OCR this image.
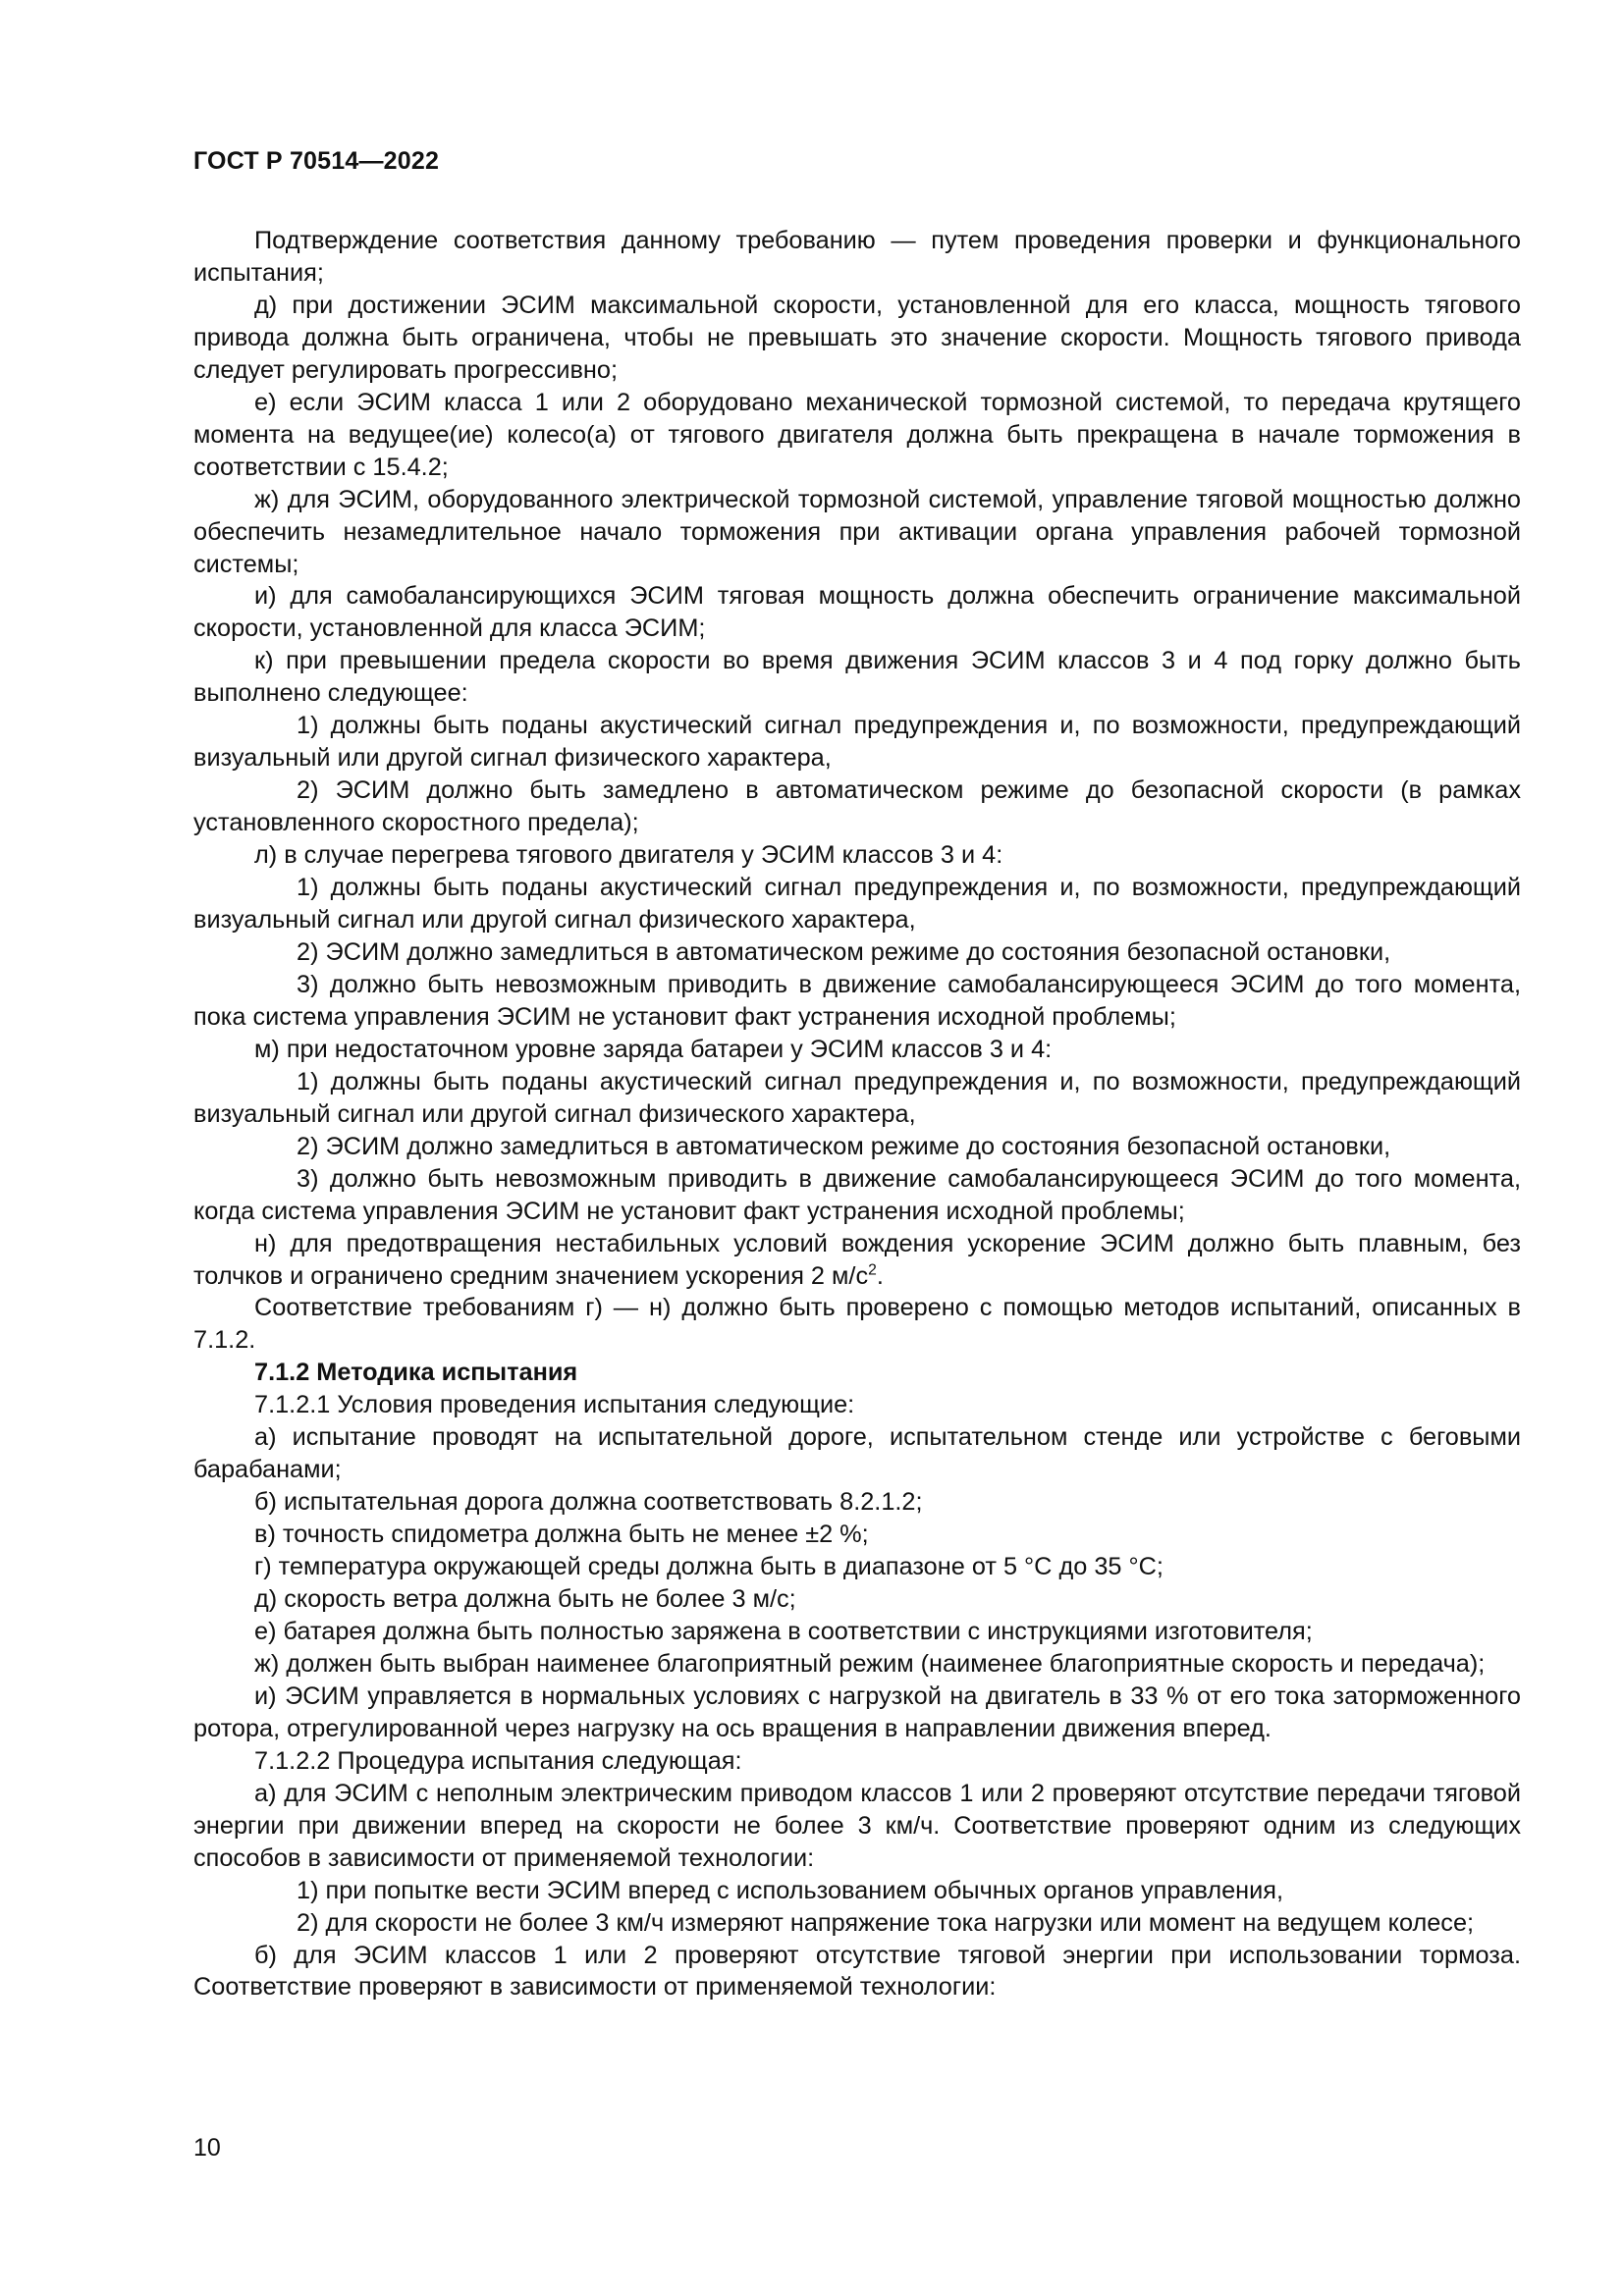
ГОСТ Р 70514—2022

Подтверждение соответствия данному требованию — путем проведения проверки и функционального испытания;

д) при достижении ЭСИМ максимальной скорости, установленной для его класса, мощность тягового привода должна быть ограничена, чтобы не превышать это значение скорости. Мощность тягового привода следует регулировать прогрессивно;

е) если ЭСИМ класса 1 или 2 оборудовано механической тормозной системой, то передача крутящего момента на ведущее(ие) колесо(а) от тягового двигателя должна быть прекращена в начале торможения в соответствии с 15.4.2;

ж) для ЭСИМ, оборудованного электрической тормозной системой, управление тяговой мощностью должно обеспечить незамедлительное начало торможения при активации органа управления рабочей тормозной системы;

и) для самобалансирующихся ЭСИМ тяговая мощность должна обеспечить ограничение максимальной скорости, установленной для класса ЭСИМ;

к) при превышении предела скорости во время движения ЭСИМ классов 3 и 4 под горку должно быть выполнено следующее:

1) должны быть поданы акустический сигнал предупреждения и, по возможности, предупреждающий визуальный или другой сигнал физического характера,

2) ЭСИМ должно быть замедлено в автоматическом режиме до безопасной скорости (в рамках установленного скоростного предела);

л) в случае перегрева тягового двигателя у ЭСИМ классов 3 и 4:

1) должны быть поданы акустический сигнал предупреждения и, по возможности, предупреждающий визуальный сигнал или другой сигнал физического характера,

2) ЭСИМ должно замедлиться в автоматическом режиме до состояния безопасной остановки,

3) должно быть невозможным приводить в движение самобалансирующееся ЭСИМ до того момента, пока система управления ЭСИМ не установит факт устранения исходной проблемы;

м) при недостаточном уровне заряда батареи у ЭСИМ классов 3 и 4:

1) должны быть поданы акустический сигнал предупреждения и, по возможности, предупреждающий визуальный сигнал или другой сигнал физического характера,

2) ЭСИМ должно замедлиться в автоматическом режиме до состояния безопасной остановки,

3) должно быть невозможным приводить в движение самобалансирующееся ЭСИМ до того момента, когда система управления ЭСИМ не установит факт устранения исходной проблемы;

н) для предотвращения нестабильных условий вождения ускорение ЭСИМ должно быть плавным, без толчков и ограничено средним значением ускорения 2 $м/с^2$.

Соответствие требованиям г) — н) должно быть проверено с помощью методов испытаний, описанных в 7.1.2.

7.1.2 Методика испытания

7.1.2.1 Условия проведения испытания следующие:

а) испытание проводят на испытательной дороге, испытательном стенде или устройстве с беговыми барабанами;

б) испытательная дорога должна соответствовать 8.2.1.2;

в) точность спидометра должна быть не менее ±2 %;

г) температура окружающей среды должна быть в диапазоне от 5 °С до 35 °С;

д) скорость ветра должна быть не более 3 м/с;

е) батарея должна быть полностью заряжена в соответствии с инструкциями изготовителя;

ж) должен быть выбран наименее благоприятный режим (наименее благоприятные скорость и передача);

и) ЭСИМ управляется в нормальных условиях с нагрузкой на двигатель в 33 % от его тока заторможенного ротора, отрегулированной через нагрузку на ось вращения в направлении движения вперед.

7.1.2.2 Процедура испытания следующая:

а) для ЭСИМ с неполным электрическим приводом классов 1 или 2 проверяют отсутствие передачи тяговой энергии при движении вперед на скорости не более 3 км/ч. Соответствие проверяют одним из следующих способов в зависимости от применяемой технологии:

1) при попытке вести ЭСИМ вперед с использованием обычных органов управления,

2) для скорости не более 3 км/ч измеряют напряжение тока нагрузки или момент на ведущем колесе;

б) для ЭСИМ классов 1 или 2 проверяют отсутствие тяговой энергии при использовании тормоза. Соответствие проверяют в зависимости от применяемой технологии:

10
